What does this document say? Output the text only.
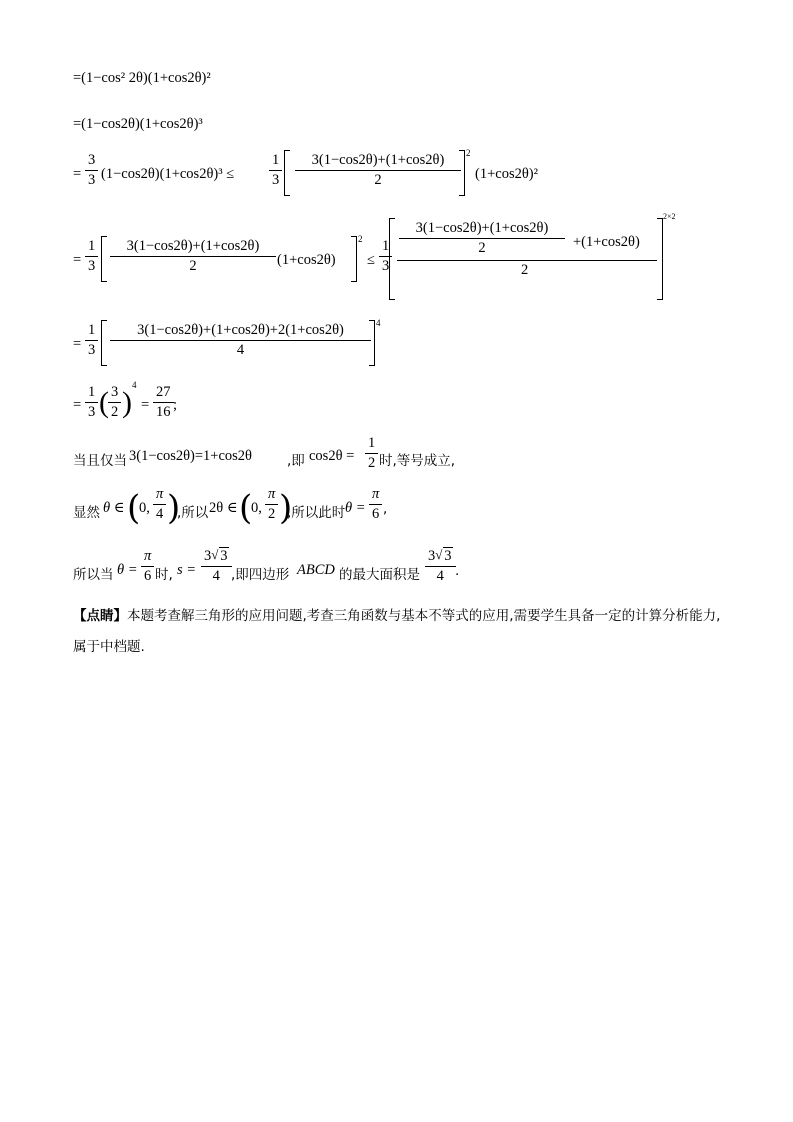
=(1−cos² 2θ)(1+cos2θ)²
=(1−cos2θ)(1+cos2θ)³
= $\frac{3}{3} (1-\cos 2\theta)(1+\cos 2\theta)^3 \le \frac{1}{3} \frac{3(1-\cos 2\theta)+(1+\cos 2\theta)}{2} 2$
(1+cos2θ)²
= $\frac{1}{3} \frac{3(1-\cos 2\theta)+(1+\cos 2\theta)}{2} (1+\cos 2\theta)$
2
≤ $\frac{1}{3} \frac{3(1-\cos 2\theta)+(1+\cos 2\theta)}{2} +(1+\cos 2\theta)$
2
2×2
= $\frac{1}{3} \frac{3(1-\cos 2\theta)+(1+\cos 2\theta)+2(1+\cos 2\theta)}{4} 4$
= $\frac{1}{3}$ ( $\frac{3}{2}$ )
4
= $\frac{27}{16}$ ;
当且仅当 3(1−cos2θ)=1+cos2θ	,即 $\cos 2\theta = \frac{1}{2}$ 时,等号成立,
显然 θ ∈ (
0, $\frac{\pi}{4}$ )
,所以 2θ ∈ (
0, $\frac{\pi}{2}$ )
,所以此时 $\theta = \frac{\pi}{6}$ ,
所以当 $\theta = \frac{\pi}{6}$ 时, $s = \frac{3 √ 3}{4}$ ,即四边形 ABCD 的最大面积是 $\frac{3 √ 3}{4}$ .
【点睛】本题考查解三角形的应用问题,考查三角函数与基本不等式的应用,需要学生具备一定的计算分析能力,属于中档题.
